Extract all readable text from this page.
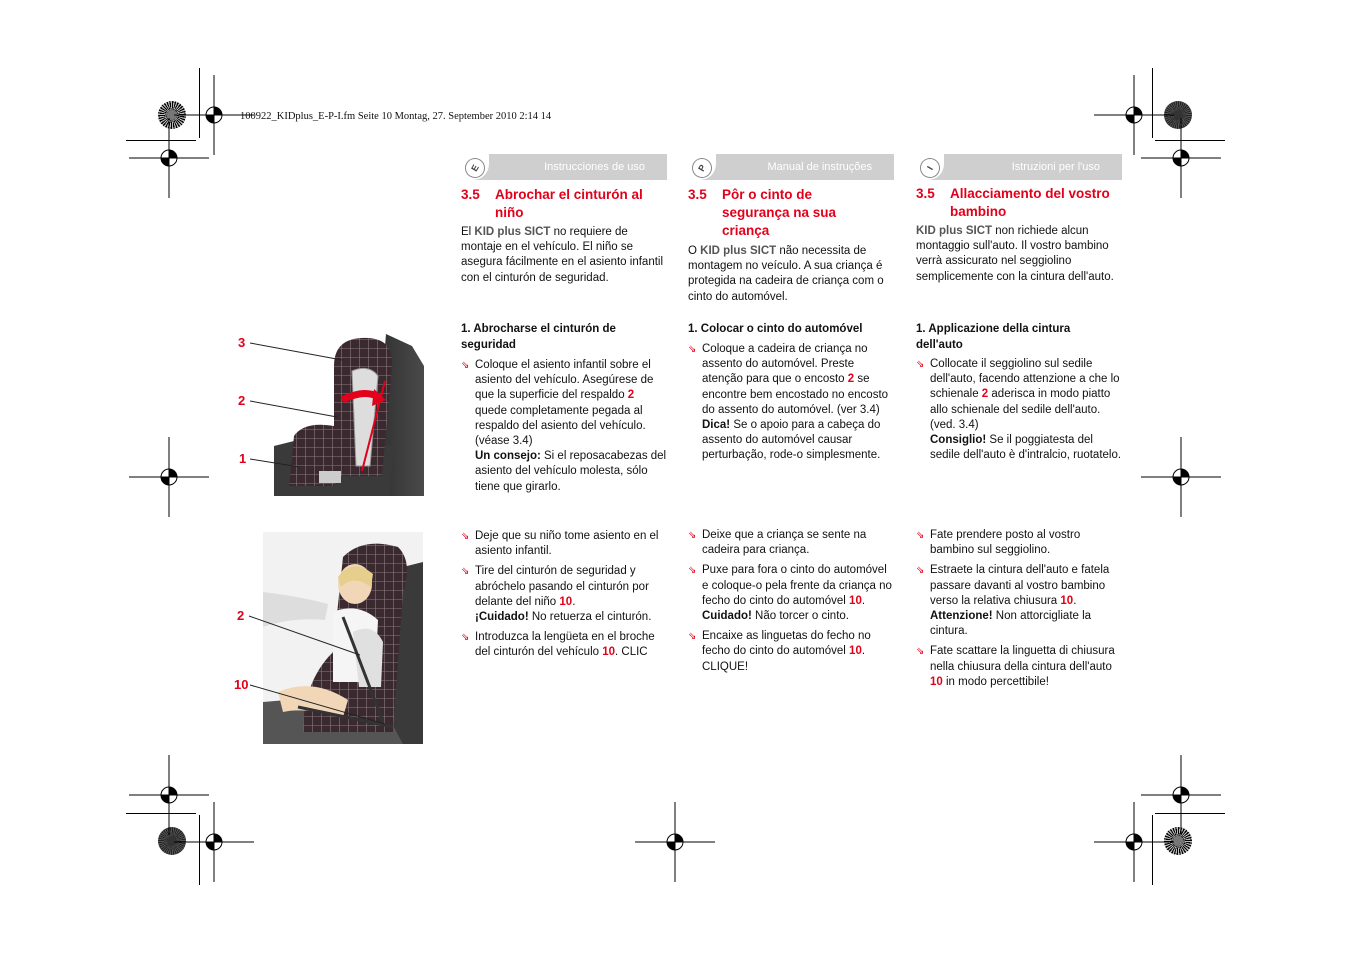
100922_KIDplus_E-P-I.fm Seite 10 Montag, 27. September 2010 2:14 14
E	Instrucciones de uso	P	Manual de instruções	I	Istruzioni per l'uso
3.5	Abrochar el cinturón al niño

El KID plus SICT no requiere de montaje en el vehículo. El niño se asegura fácilmente en el asiento infantil con el cinturón de seguridad.

1. Abrocharse el cinturón de seguridad
⇘ Coloque el asiento infantil sobre el asiento del vehículo. Asegúrese de que la superficie del respaldo 2 quede completamente pegada al respaldo del asiento del vehículo. (véase 3.4)
Un consejo: Si el reposacabezas del asiento del vehículo molesta, sólo tiene que girarlo.
⇘ Deje que su niño tome asiento en el asiento infantil.
⇘ Tire del cinturón de seguridad y abróchelo pasando el cinturón por delante del niño 10.
¡Cuidado! No retuerza el cinturón.
⇘ Introduzca la lengüeta en el broche del cinturón del vehículo 10. CLIC
3.5	Pôr o cinto de segurança na sua criança

O KID plus SICT não necessita de montagem no veículo. A sua criança é protegida na cadeira de criança com o cinto do automóvel.

1. Colocar o cinto do automóvel
⇘ Coloque a cadeira de criança no assento do automóvel. Preste atenção para que o encosto 2 se encontre bem encostado no encosto do assento do automóvel. (ver 3.4)
Dica! Se o apoio para a cabeça do assento do automóvel causar perturbação, rode-o simplesmente.
⇘ Deixe que a criança se sente na cadeira para criança.
⇘ Puxe para fora o cinto do automóvel e coloque-o pela frente da criança no fecho do cinto do automóvel 10.
Cuidado! Não torcer o cinto.
⇘ Encaixe as linguetas do fecho no fecho do cinto do automóvel 10. CLIQUE!
3.5	Allacciamento del vostro bambino

KID plus SICT non richiede alcun montaggio sull'auto. Il vostro bambino verrà assicurato nel seggiolino semplicemente con la cintura dell'auto.

1. Applicazione della cintura dell'auto
⇘ Collocate il seggiolino sul sedile dell'auto, facendo attenzione a che lo schienale 2 aderisca in modo piatto allo schienale del sedile dell'auto. (ved. 3.4)
Consiglio! Se il poggiatesta del sedile dell'auto è d'intralcio, ruotatelo.
⇘ Fate prendere posto al vostro bambino sul seggiolino.
⇘ Estraete la cintura dell'auto e fatela passare davanti al vostro bambino verso la relativa chiusura 10.
Attenzione! Non attorcigliate la cintura.
⇘ Fate scattare la linguetta di chiusura nella chiusura della cintura dell'auto 10 in modo percettibile!
3
2
1
2
10
